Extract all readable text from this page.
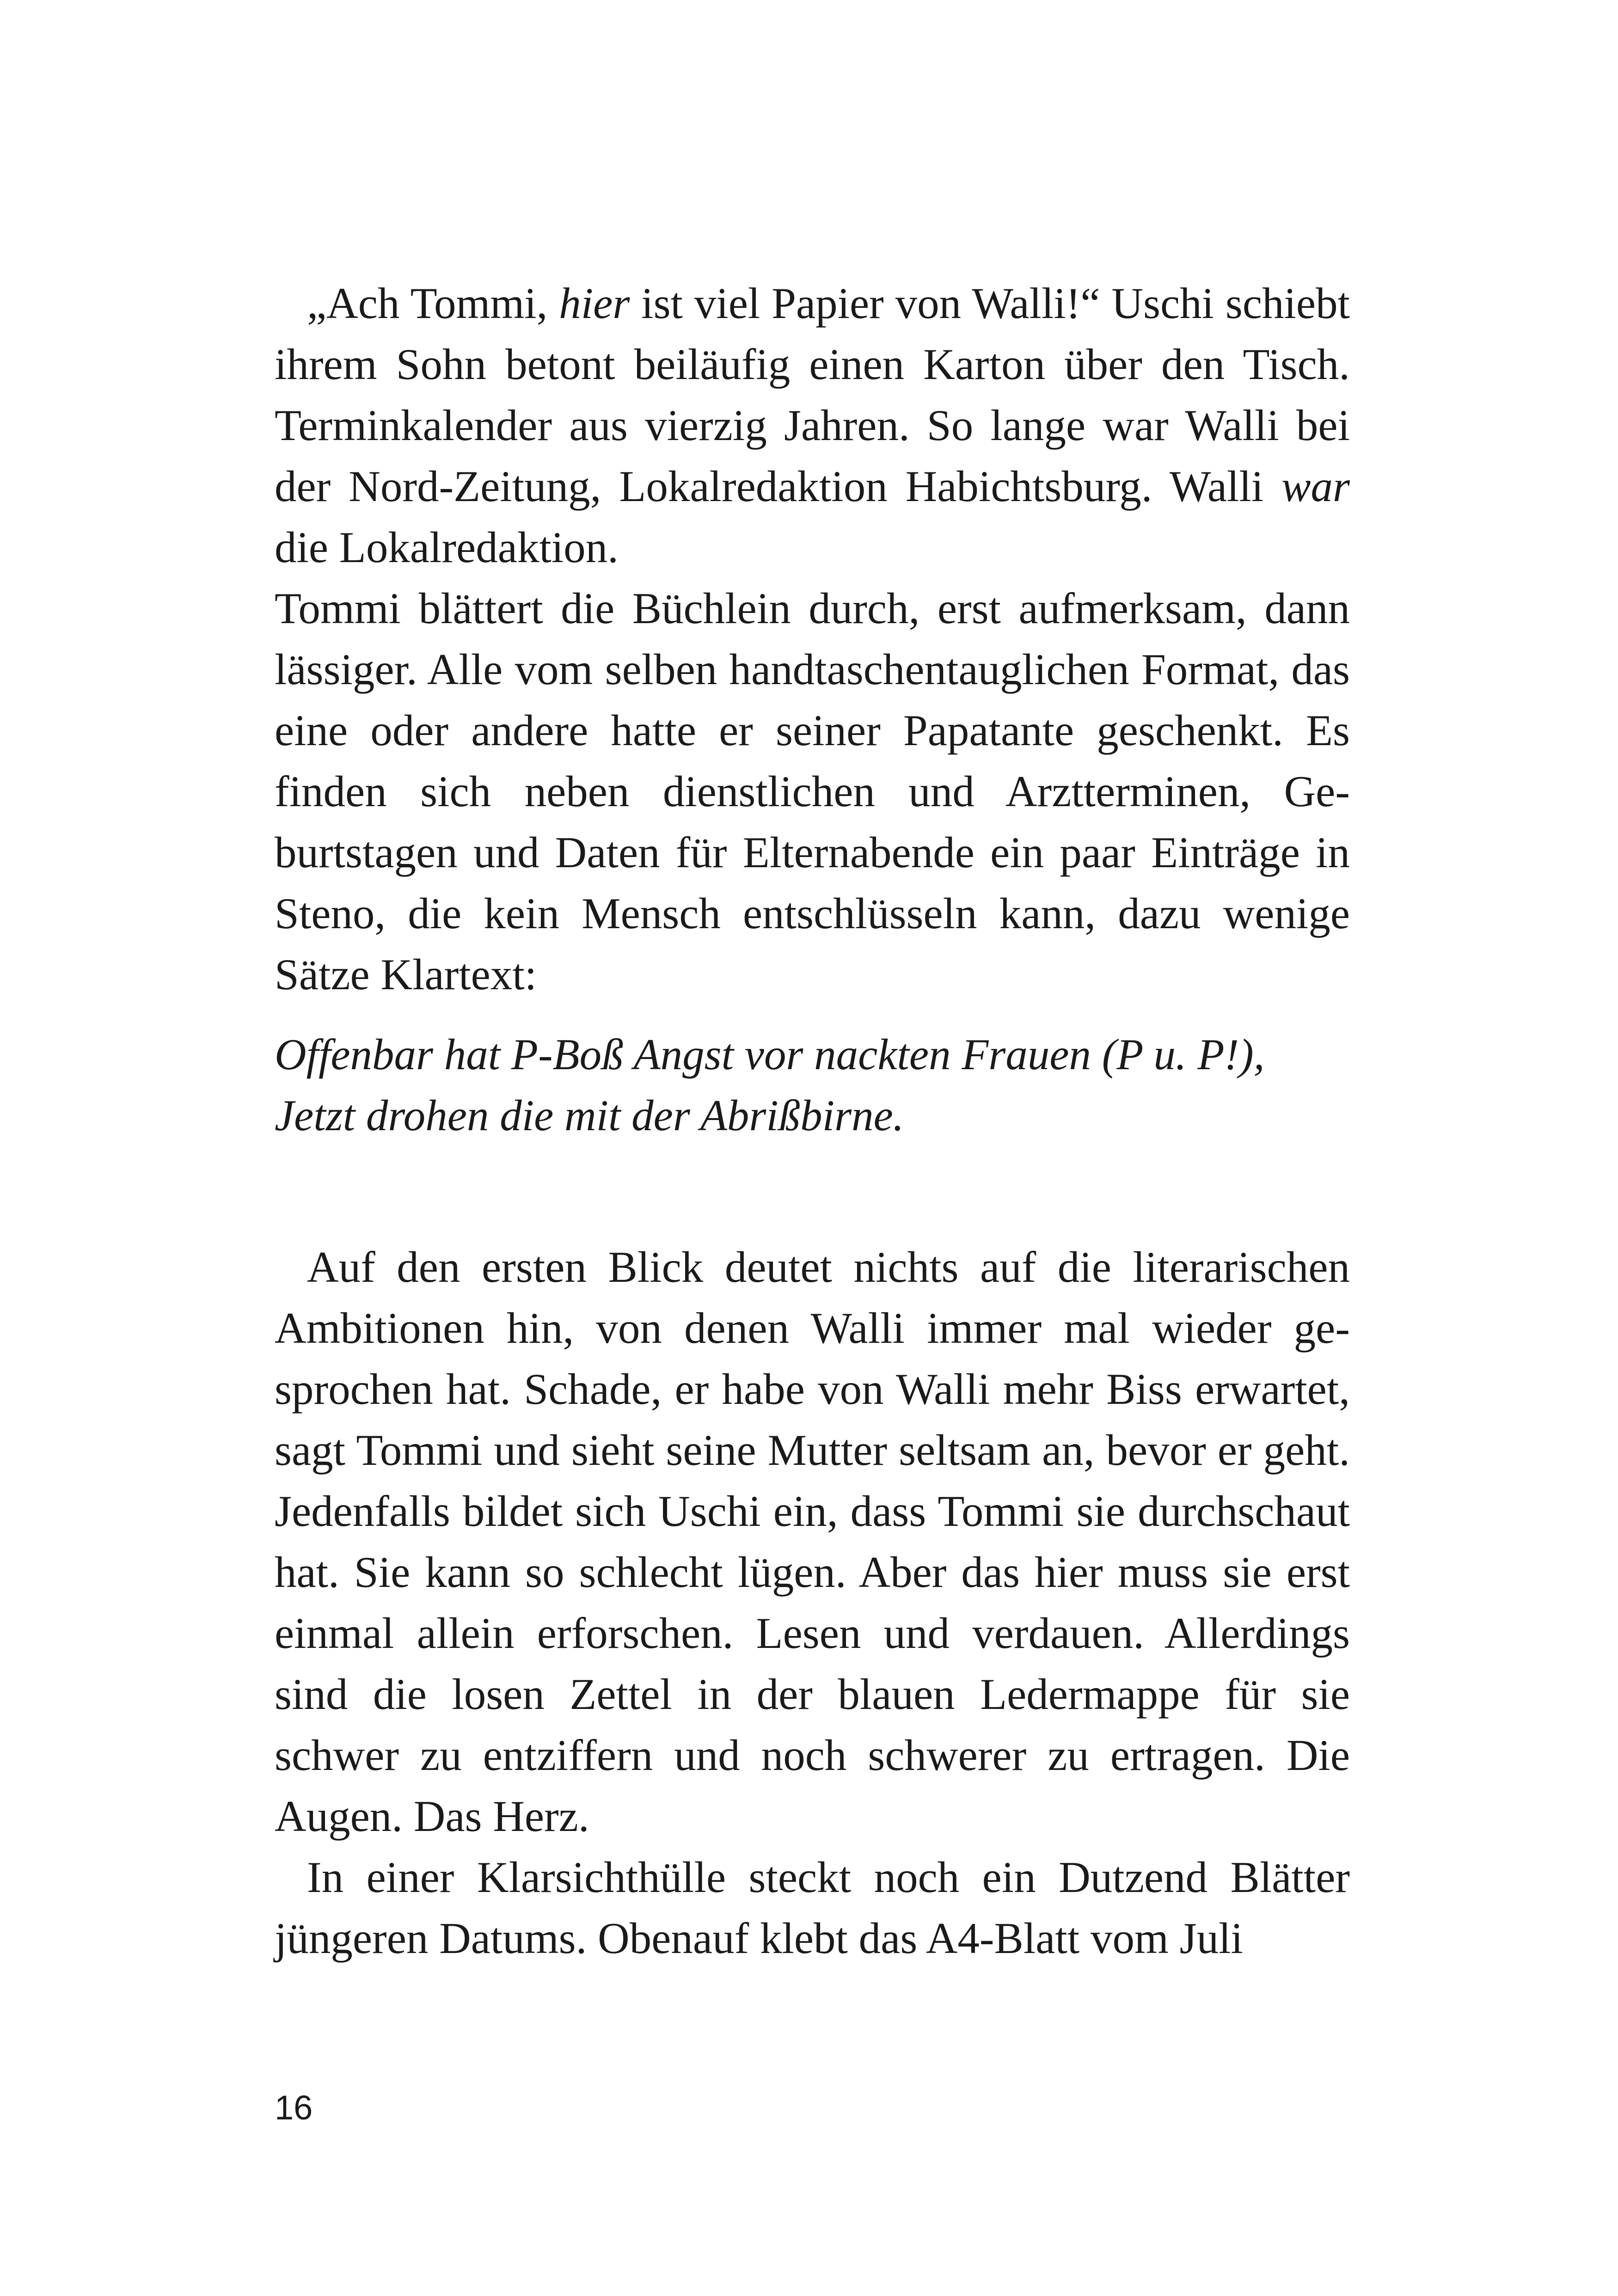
„Ach Tommi, hier ist viel Papier von Walli!“ Uschi schiebt ihrem Sohn betont beiläufig einen Karton über den Tisch. Terminkalender aus vierzig Jahren. So lange war Walli bei der Nord-Zeitung, Lokalredaktion Habichtsburg. Walli war die Lokalredaktion.

Tommi blättert die Büchlein durch, erst aufmerksam, dann lässiger. Alle vom selben handtaschentauglichen Format, das eine oder andere hatte er seiner Papatante geschenkt. Es finden sich neben dienstlichen und Arztterminen, Geburtstagen und Daten für Elternabende ein paar Einträge in Steno, die kein Mensch entschlüsseln kann, dazu wenige Sätze Klartext:

Offenbar hat P-Boß Angst vor nackten Frauen (P u. P!),

Jetzt drohen die mit der Abrißbirne.

Auf den ersten Blick deutet nichts auf die literarischen Ambitionen hin, von denen Walli immer mal wieder gesprochen hat. Schade, er habe von Walli mehr Biss erwartet, sagt Tommi und sieht seine Mutter seltsam an, bevor er geht. Jedenfalls bildet sich Uschi ein, dass Tommi sie durchschaut hat. Sie kann so schlecht lügen. Aber das hier muss sie erst einmal allein erforschen. Lesen und verdauen. Allerdings sind die losen Zettel in der blauen Ledermappe für sie schwer zu entziffern und noch schwerer zu ertragen. Die Augen. Das Herz.

In einer Klarsichthülle steckt noch ein Dutzend Blätter jüngeren Datums. Obenauf klebt das A4-Blatt vom Juli

16
